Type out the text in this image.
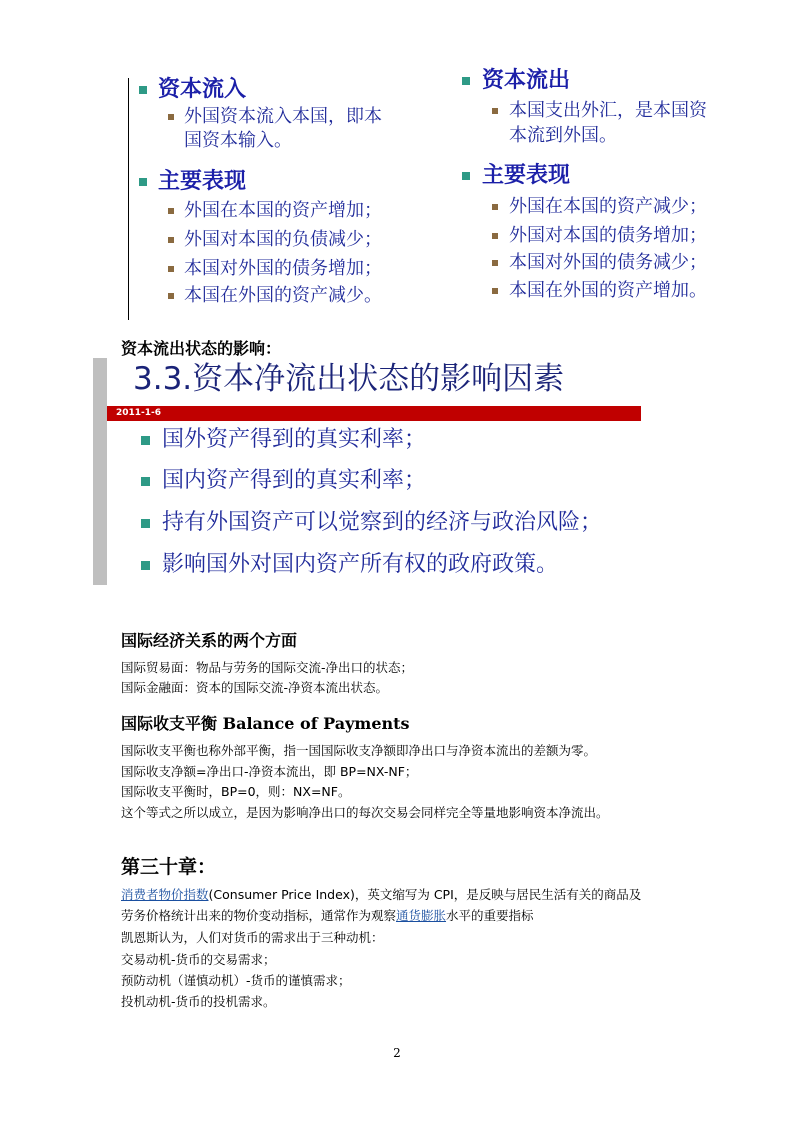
资本流入
外国资本流入本国，即本
国资本输入。
主要表现
外国在本国的资产增加；
外国对本国的负债减少；
本国对外国的债务增加；
本国在外国的资产减少。
资本流出
本国支出外汇，是本国资
本流到外国。
主要表现
外国在本国的资产减少；
外国对本国的债务增加；
本国对外国的债务减少；
本国在外国的资产增加。
资本流出状态的影响：
3.3.资本净流出状态的影响因素
2011-1-6
国外资产得到的真实利率；
国内资产得到的真实利率；
持有外国资产可以觉察到的经济与政治风险；
影响国外对国内资产所有权的政府政策。
国际经济关系的两个方面
国际贸易面：物品与劳务的国际交流-净出口的状态；
国际金融面：资本的国际交流-净资本流出状态。
国际收支平衡 Balance of Payments
国际收支平衡也称外部平衡，指一国国际收支净额即净出口与净资本流出的差额为零。
国际收支净额=净出口-净资本流出，即 BP=NX-NF；
国际收支平衡时，BP=0，则：NX=NF。
这个等式之所以成立，是因为影响净出口的每次交易会同样完全等量地影响资本净流出。
第三十章：
消费者物价指数(Consumer Price Index)，英文缩写为 CPI，是反映与居民生活有关的商品及
劳务价格统计出来的物价变动指标，通常作为观察通货膨胀水平的重要指标
凯恩斯认为，人们对货币的需求出于三种动机：
交易动机-货币的交易需求；
预防动机（谨慎动机）-货币的谨慎需求；
投机动机-货币的投机需求。
2
